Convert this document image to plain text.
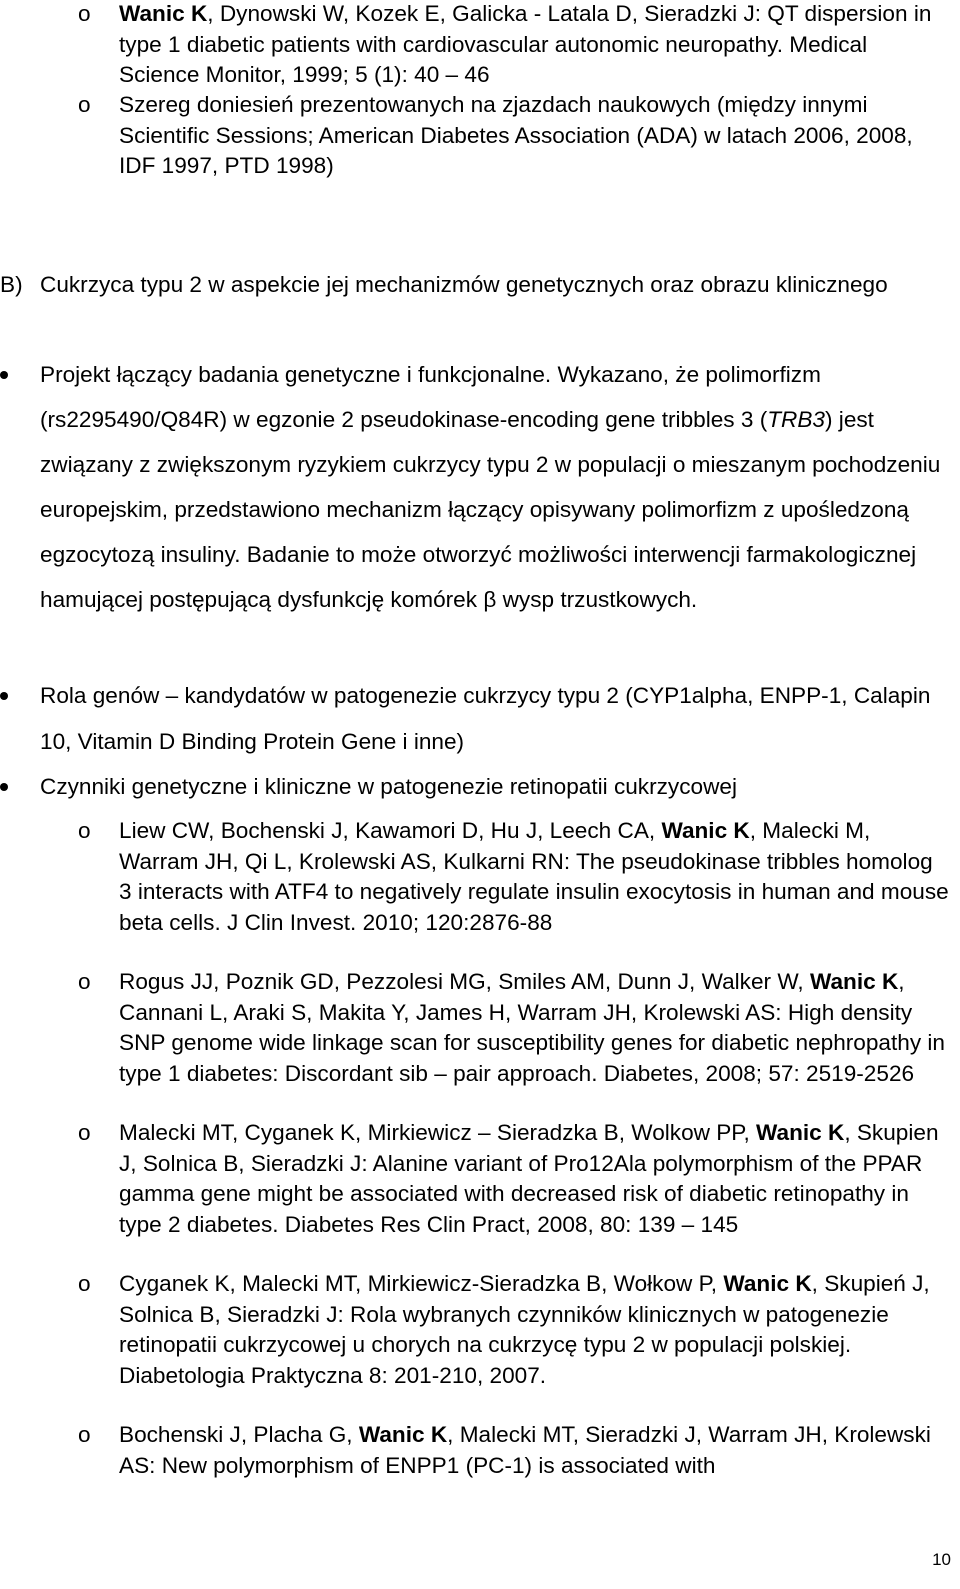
o Wanic K, Dynowski W, Kozek E, Galicka - Latala D, Sieradzki J: QT dispersion in type 1 diabetic patients with cardiovascular autonomic neuropathy. Medical Science Monitor, 1999; 5 (1): 40 – 46
o Szereg doniesień prezentowanych na zjazdach naukowych (między innymi Scientific Sessions; American Diabetes Association (ADA) w latach 2006, 2008, IDF 1997, PTD 1998)
B) Cukrzyca typu 2 w aspekcie jej mechanizmów genetycznych oraz obrazu klinicznego
Projekt łączący badania genetyczne i funkcjonalne. Wykazano, że polimorfizm (rs2295490/Q84R) w egzonie 2 pseudokinase-encoding gene tribbles 3 (TRB3) jest związany z zwiększonym ryzykiem cukrzycy typu 2 w populacji o mieszanym pochodzeniu europejskim, przedstawiono mechanizm łączący opisywany polimorfizm z upośledzoną egzocytozą insuliny. Badanie to może otworzyć możliwości interwencji farmakologicznej hamującej postępującą dysfunkcję komórek β wysp trzustkowych.
Rola genów – kandydatów w patogenezie cukrzycy typu 2 (CYP1alpha, ENPP-1, Calapin 10, Vitamin D Binding Protein Gene i inne)
Czynniki genetyczne i kliniczne w patogenezie retinopatii cukrzycowej
o Liew CW, Bochenski J, Kawamori D, Hu J, Leech CA, Wanic K, Malecki M, Warram JH, Qi L, Krolewski AS, Kulkarni RN: The pseudokinase tribbles homolog 3 interacts with ATF4 to negatively regulate insulin exocytosis in human and mouse beta cells. J Clin Invest. 2010; 120:2876-88
o Rogus JJ, Poznik GD, Pezzolesi MG, Smiles AM, Dunn J, Walker W, Wanic K, Cannani L, Araki S, Makita Y, James H, Warram JH, Krolewski AS: High density SNP genome wide linkage scan for susceptibility genes for diabetic nephropathy in type 1 diabetes: Discordant sib – pair approach. Diabetes, 2008; 57: 2519-2526
o Malecki MT, Cyganek K, Mirkiewicz – Sieradzka B, Wolkow PP, Wanic K, Skupien J, Solnica B, Sieradzki J: Alanine variant of Pro12Ala polymorphism of the PPAR gamma gene might be associated with decreased risk of diabetic retinopathy in type 2 diabetes. Diabetes Res Clin Pract, 2008, 80: 139 – 145
o Cyganek K, Malecki MT, Mirkiewicz-Sieradzka B, Wołkow P, Wanic K, Skupień J, Solnica B, Sieradzki J: Rola wybranych czynników klinicznych w patogenezie retinopatii cukrzycowej u chorych na cukrzycę typu 2 w populacji polskiej. Diabetologia Praktyczna 8: 201-210, 2007.
o Bochenski J, Placha G, Wanic K, Malecki MT, Sieradzki J, Warram JH, Krolewski AS: New polymorphism of ENPP1 (PC-1) is associated with
10
